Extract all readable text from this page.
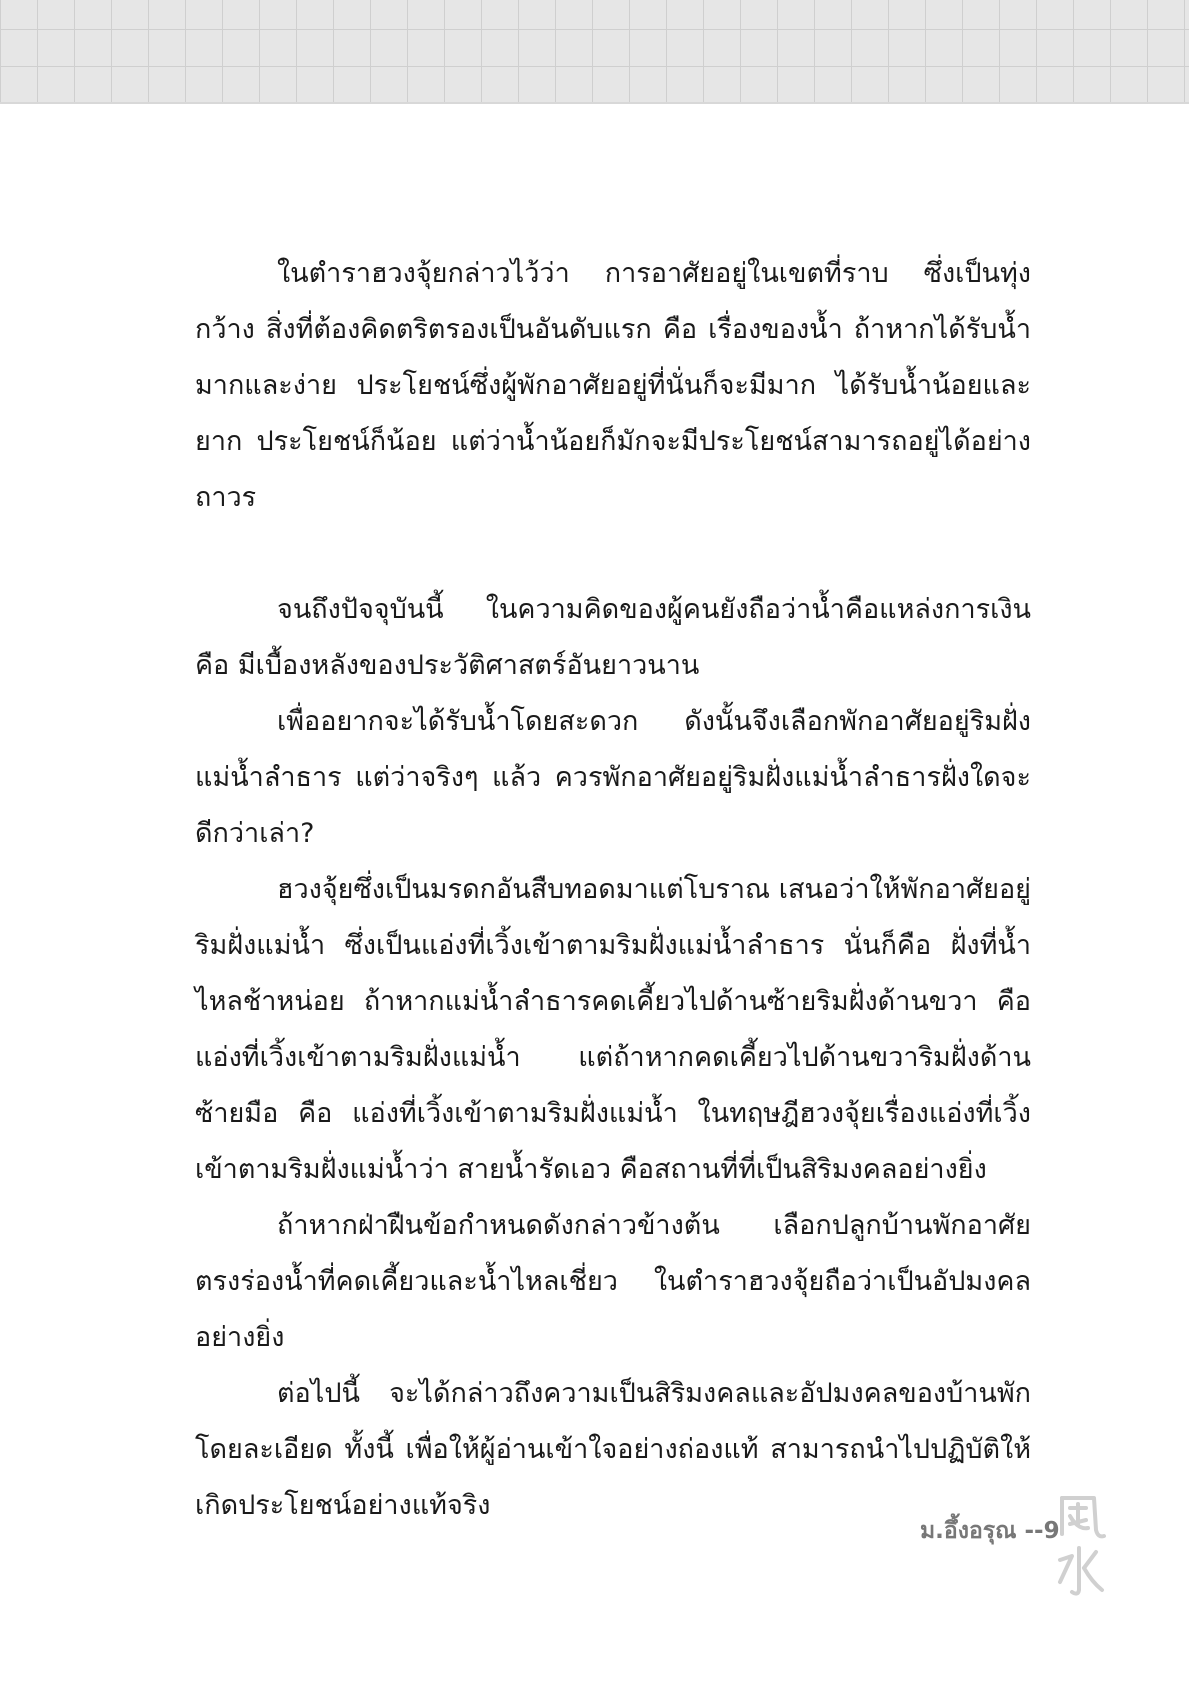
ในตำราฮวงจุ้ยกล่าวไว้ว่า การอาศัยอยู่ในเขตที่ราบ ซึ่งเป็นทุ่งกว้าง สิ่งที่ต้องคิดตริตรองเป็นอันดับแรก คือ เรื่องของน้ำ ถ้าหากได้รับน้ำมากและง่าย ประโยชน์ซึ่งผู้พักอาศัยอยู่ที่นั่นก็จะมีมาก ได้รับน้ำน้อยและยาก ประโยชน์ก็น้อย แต่ว่าน้ำน้อยก็มักจะมีประโยชน์สามารถอยู่ได้อย่างถาวร

จนถึงปัจจุบันนี้ ในความคิดของผู้คนยังถือว่าน้ำคือแหล่งการเงิน คือ มีเบื้องหลังของประวัติศาสตร์อันยาวนาน

เพื่ออยากจะได้รับน้ำโดยสะดวก ดังนั้นจึงเลือกพักอาศัยอยู่ริมฝั่งแม่น้ำลำธาร แต่ว่าจริงๆ แล้ว ควรพักอาศัยอยู่ริมฝั่งแม่น้ำลำธารฝั่งใดจะดีกว่าเล่า?

ฮวงจุ้ยซึ่งเป็นมรดกอันสืบทอดมาแต่โบราณ เสนอว่าให้พักอาศัยอยู่ริมฝั่งแม่น้ำ ซึ่งเป็นแอ่งที่เวิ้งเข้าตามริมฝั่งแม่น้ำลำธาร นั่นก็คือ ฝั่งที่น้ำไหลช้าหน่อย ถ้าหากแม่น้ำลำธารคดเคี้ยวไปด้านซ้ายริมฝั่งด้านขวา คือ แอ่งที่เวิ้งเข้าตามริมฝั่งแม่น้ำ แต่ถ้าหากคดเคี้ยวไปด้านขวาริมฝั่งด้านซ้ายมือ คือ แอ่งที่เวิ้งเข้าตามริมฝั่งแม่น้ำ ในทฤษฎีฮวงจุ้ยเรื่องแอ่งที่เวิ้งเข้าตามริมฝั่งแม่น้ำว่า สายน้ำรัดเอว คือสถานที่ที่เป็นสิริมงคลอย่างยิ่ง

ถ้าหากฝ่าฝืนข้อกำหนดดังกล่าวข้างต้น เลือกปลูกบ้านพักอาศัยตรงร่องน้ำที่คดเคี้ยวและน้ำไหลเชี่ยว ในตำราฮวงจุ้ยถือว่าเป็นอัปมงคลอย่างยิ่ง

ต่อไปนี้ จะได้กล่าวถึงความเป็นสิริมงคลและอัปมงคลของบ้านพักโดยละเอียด ทั้งนี้ เพื่อให้ผู้อ่านเข้าใจอย่างถ่องแท้ สามารถนำไปปฏิบัติให้เกิดประโยชน์อย่างแท้จริง

ม.อึ้งอรุณ --9
